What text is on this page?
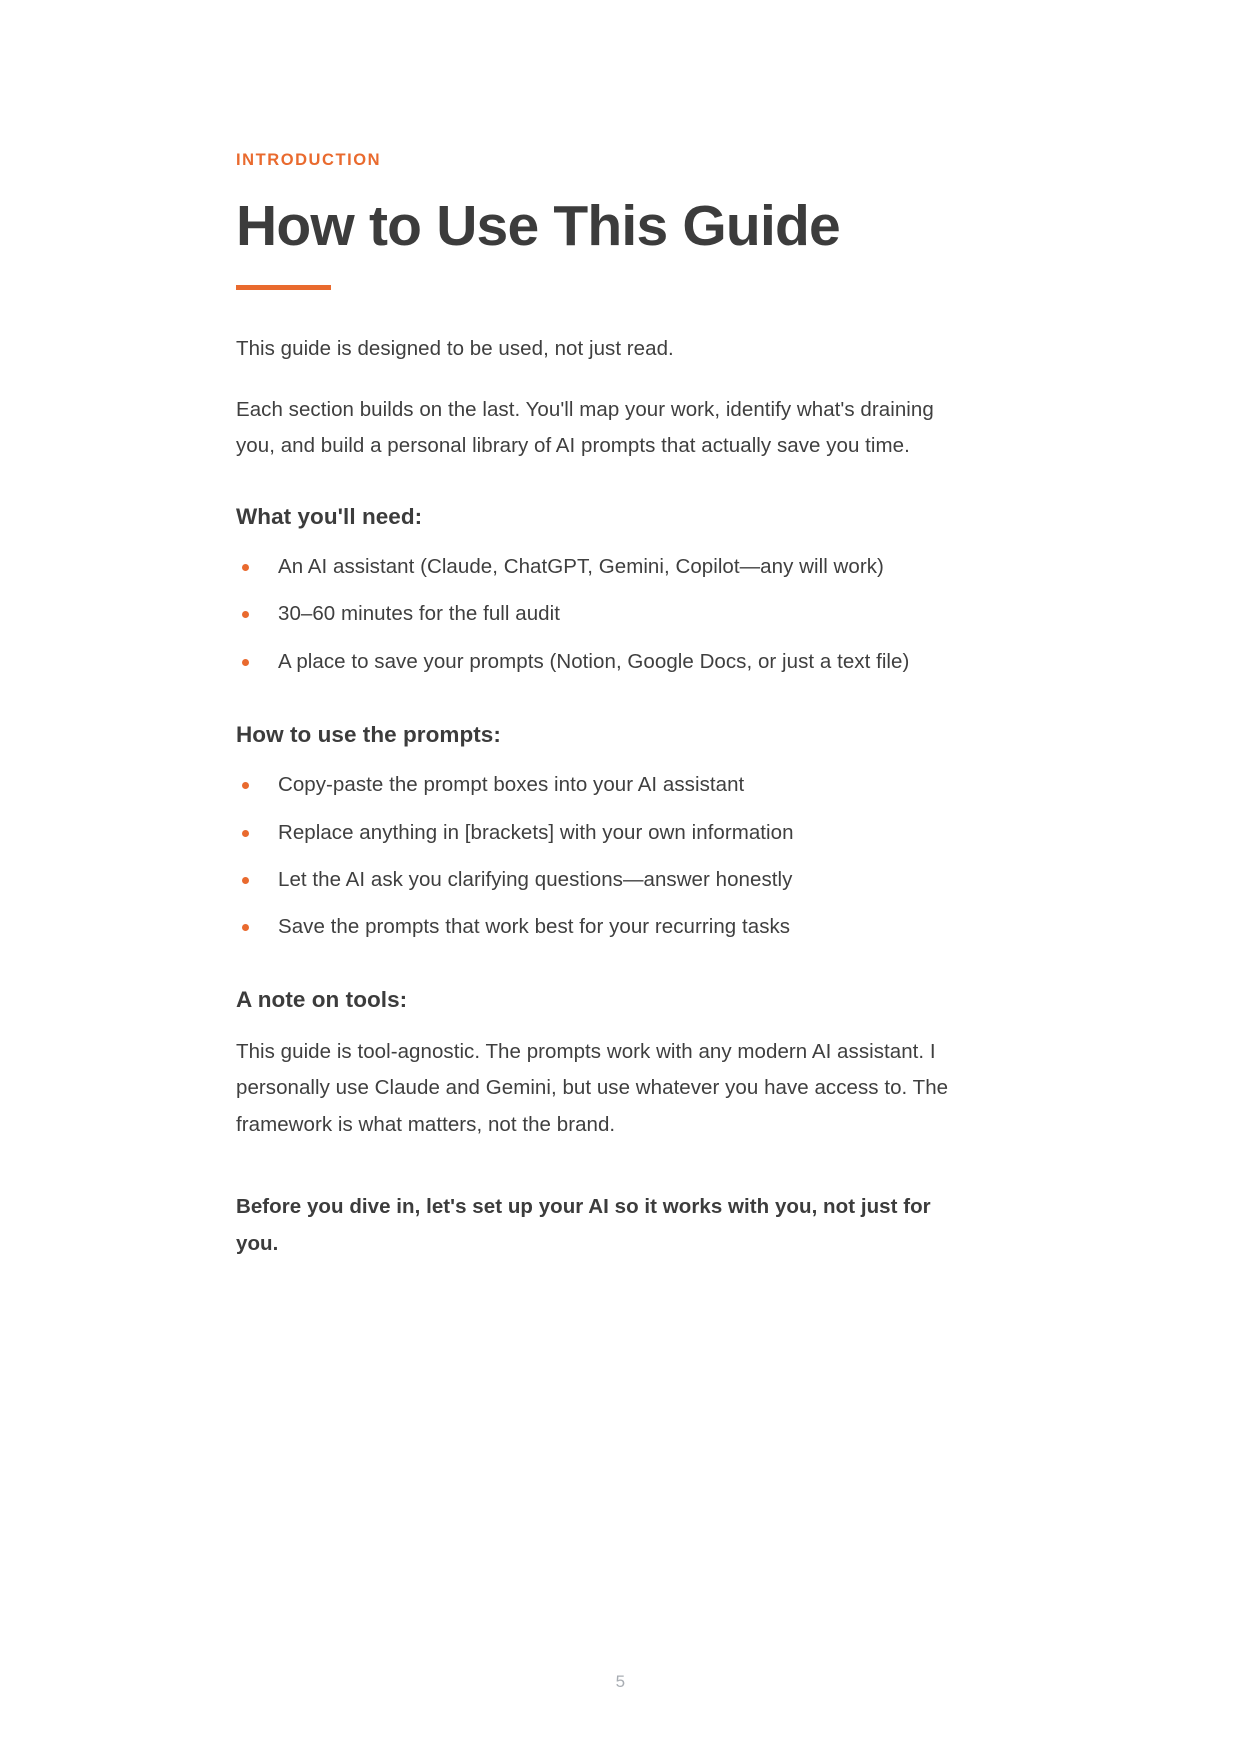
INTRODUCTION
How to Use This Guide

This guide is designed to be used, not just read.

Each section builds on the last. You'll map your work, identify what's draining you, and build a personal library of AI prompts that actually save you time.

What you'll need:
An AI assistant (Claude, ChatGPT, Gemini, Copilot—any will work)
30–60 minutes for the full audit
A place to save your prompts (Notion, Google Docs, or just a text file)
How to use the prompts:
Copy-paste the prompt boxes into your AI assistant
Replace anything in [brackets] with your own information
Let the AI ask you clarifying questions—answer honestly
Save the prompts that work best for your recurring tasks
A note on tools:

This guide is tool-agnostic. The prompts work with any modern AI assistant. I personally use Claude and Gemini, but use whatever you have access to. The framework is what matters, not the brand.

Before you dive in, let's set up your AI so it works with you, not just for you.

5
